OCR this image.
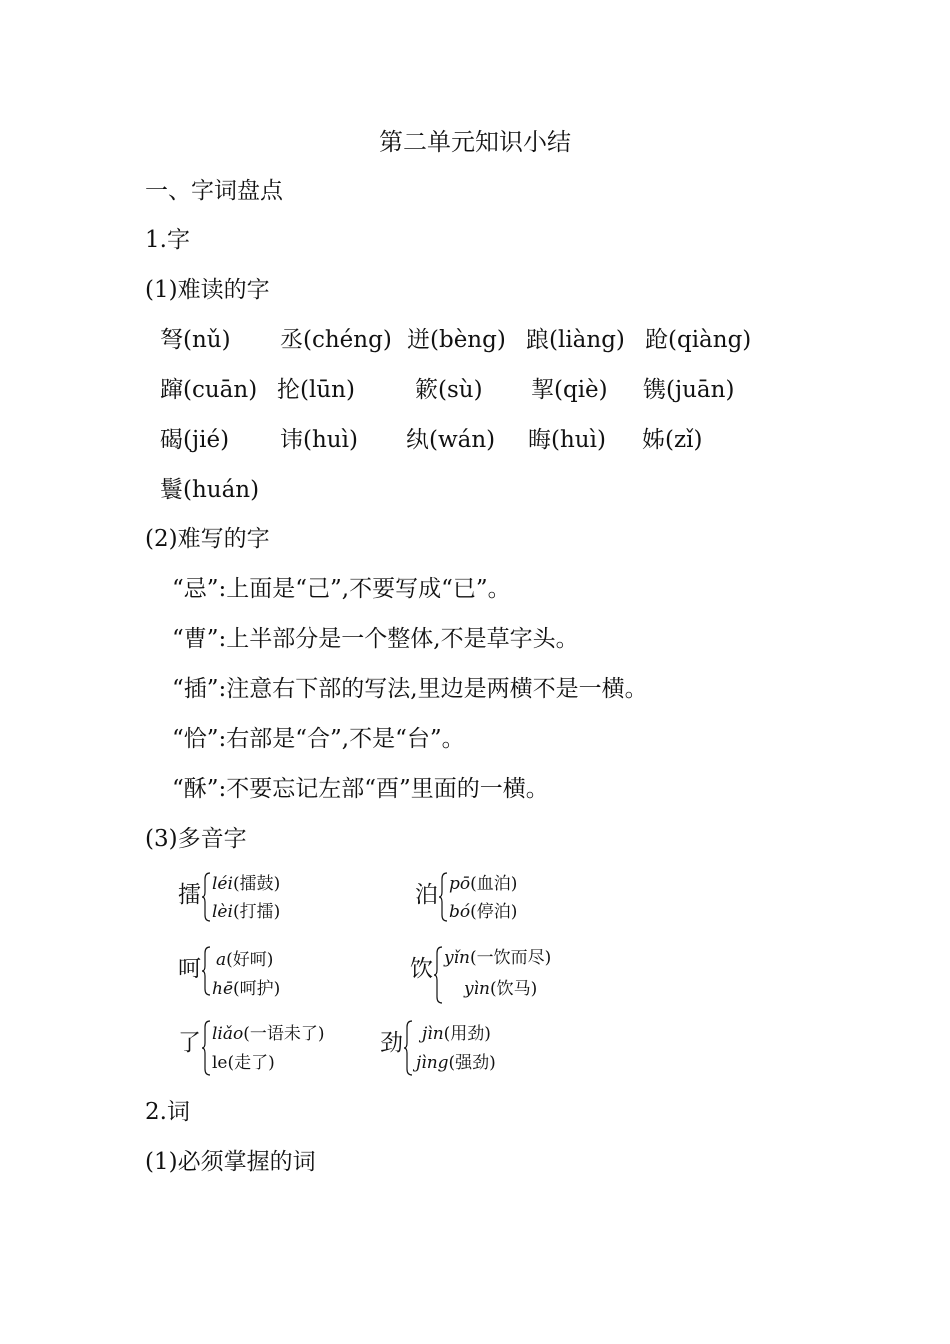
第二单元知识小结
一、字词盘点
1.字
(1)难读的字
弩(nǔ) 丞(chéng) 迸(bèng) 踉(liàng) 跄(qiàng)
蹿(cuān) 抡(lūn)	簌(sù) 挈(qiè) 镌(juān)
碣(jié) 讳(huì) 纨(wán) 晦(huì) 姊(zǐ)
鬟(huán)
(2)难写的字
“忌”:上面是“己”,不要写成“已”。
“曹”:上半部分是一个整体,不是草字头。
“插”:注意右下部的写法,里边是两横不是一横。
“恰”:右部是“合”,不是“台”。
“酥”:不要忘记左部“酉”里面的一横。
(3)多音字
擂 léi(擂鼓)
lèi(打擂)
泊 pō(血泊)
bó(停泊)
呵 a(好呵)
hē(呵护)
饮 yǐn(一饮而尽)
yìn(饮马)
了 liǎo(一语未了)
le(走了)
劲 jìn(用劲)
jìng(强劲)
2.词
(1)必须掌握的词
